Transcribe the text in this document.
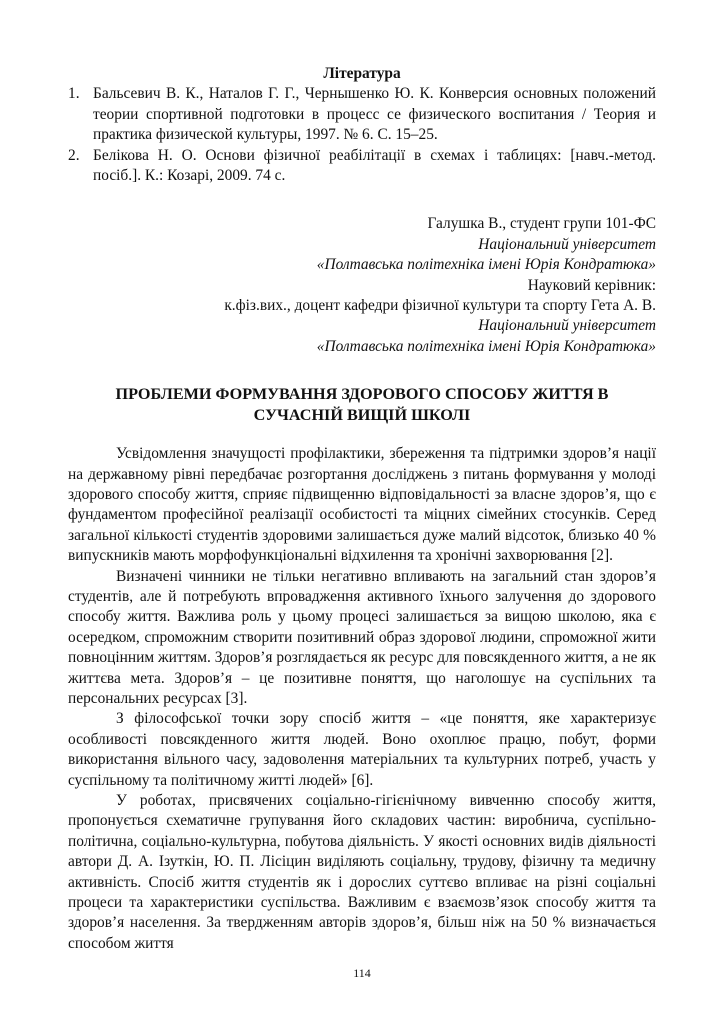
Література

1. Бальсевич В. К., Наталов Г. Г., Чернышенко Ю. К. Конверсия основных положений теории спортивной подготовки в процесс се физического воспитания / Теория и практика физической культуры, 1997. № 6. С. 15–25.
2. Белікова Н. О. Основи фізичної реабілітації в схемах і таблицях: [навч.-метод. посіб.]. К.: Козарі, 2009. 74 с.
Галушка В., студент групи 101-ФС
Національний університет
«Полтавська політехніка імені Юрія Кондратюка»
Науковий керівник:
к.фіз.вих., доцент кафедри фізичної культури та спорту Гета А. В.
Національний університет
«Полтавська політехніка імені Юрія Кондратюка»
ПРОБЛЕМИ ФОРМУВАННЯ ЗДОРОВОГО СПОСОБУ ЖИТТЯ В
СУЧАСНІЙ ВИЩІЙ ШКОЛІ

Усвідомлення значущості профілактики, збереження та підтримки здоров’я нації на державному рівні передбачає розгортання досліджень з питань формування у молоді здорового способу життя, сприяє підвищенню відповідальності за власне здоров’я, що є фундаментом професійної реалізації особистості та міцних сімейних стосунків. Серед загальної кількості студентів здоровими залишається дуже малий відсоток, близько 40 % випускників мають морфофункціональні відхилення та хронічні захворювання [2].

Визначені чинники не тільки негативно впливають на загальний стан здоров’я студентів, але й потребують впровадження активного їхнього залучення до здорового способу життя. Важлива роль у цьому процесі залишається за вищою школою, яка є осередком, спроможним створити позитивний образ здорової людини, спроможної жити повноцінним життям. Здоров’я розглядається як ресурс для повсякденного життя, а не як життєва мета. Здоров’я – це позитивне поняття, що наголошує на суспільних та персональних ресурсах [3].

З філософської точки зору спосіб життя – «це поняття, яке характеризує особливості повсякденного життя людей. Воно охоплює працю, побут, форми використання вільного часу, задоволення матеріальних та культурних потреб, участь у суспільному та політичному житті людей» [6].

У роботах, присвячених соціально-гігієнічному вивченню способу життя, пропонується схематичне групування його складових частин: виробнича, суспільно-політична, соціально-культурна, побутова діяльність. У якості основних видів діяльності автори Д. А. Ізуткін, Ю. П. Лісіцин виділяють соціальну, трудову, фізичну та медичну активність. Спосіб життя студентів як і дорослих суттєво впливає на різні соціальні процеси та характеристики суспільства. Важливим є взаємозв’язок способу життя та здоров’я населення. За твердженням авторів здоров’я, більш ніж на 50 % визначається способом життя

114
